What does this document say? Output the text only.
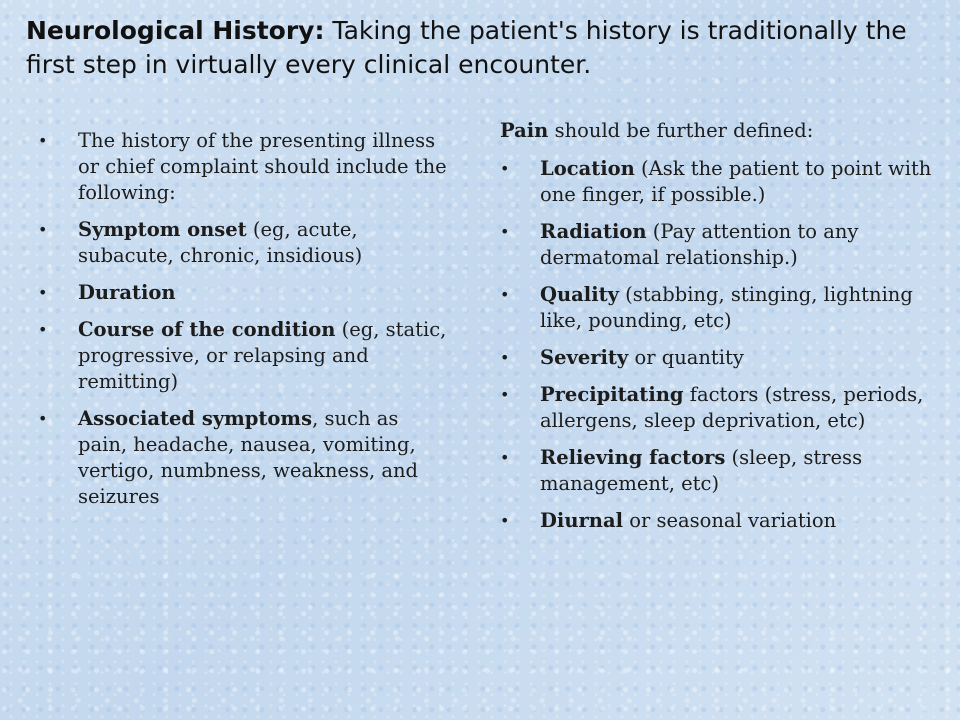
Neurological History: Taking the patient's history is traditionally the first step in virtually every clinical encounter.
• The history of the presenting illness or chief complaint should include the following:
• Symptom onset (eg, acute, subacute, chronic, insidious)
• Duration
• Course of the condition (eg, static, progressive, or relapsing and remitting)
• Associated symptoms, such as pain, headache, nausea, vomiting, vertigo, numbness, weakness, and seizures

Pain should be further defined:

• Location (Ask the patient to point with one finger, if possible.)
• Radiation (Pay attention to any dermatomal relationship.)
• Quality (stabbing, stinging, lightning like, pounding, etc)
• Severity or quantity
• Precipitating factors (stress, periods, allergens, sleep deprivation, etc)
• Relieving factors (sleep, stress management, etc)
• Diurnal or seasonal variation
